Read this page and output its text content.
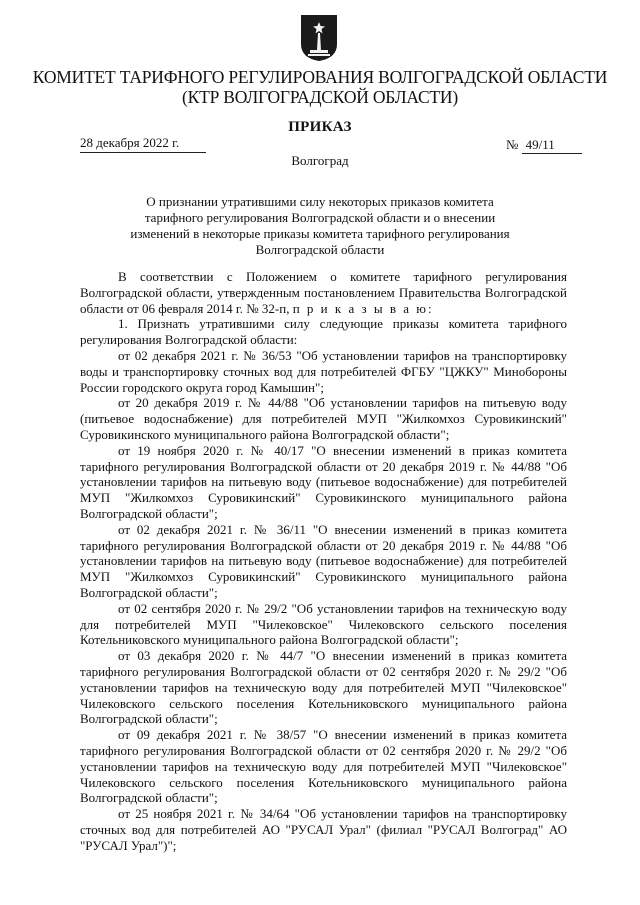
КОМИТЕТ ТАРИФНОГО РЕГУЛИРОВАНИЯ ВОЛГОГРАДСКОЙ ОБЛАСТИ
(КТР ВОЛГОГРАДСКОЙ ОБЛАСТИ)
ПРИКАЗ
28 декабря 2022 г.	№ 49/11
Волгоград
О признании утратившими силу некоторых приказов комитета тарифного регулирования Волгоградской области и о внесении изменений в некоторые приказы комитета тарифного регулирования Волгоградской области

В соответствии с Положением о комитете тарифного регулирования Волгоградской области, утвержденным постановлением Правительства Волгоградской области от 06 февраля 2014 г. № 32-п, п р и к а з ы в а ю:

1. Признать утратившими силу следующие приказы комитета тарифного регулирования Волгоградской области:

от 02 декабря 2021 г. № 36/53 "Об установлении тарифов на транспортировку воды и транспортировку сточных вод для потребителей ФГБУ "ЦЖКУ" Минобороны России городского округа город Камышин";

от 20 декабря 2019 г. № 44/88 "Об установлении тарифов на питьевую воду (питьевое водоснабжение) для потребителей МУП "Жилкомхоз Суровикинский" Суровикинского муниципального района Волгоградской области";

от 19 ноября 2020 г. № 40/17 "О внесении изменений в приказ комитета тарифного регулирования Волгоградской области от 20 декабря 2019 г. № 44/88 "Об установлении тарифов на питьевую воду (питьевое водоснабжение) для потребителей МУП "Жилкомхоз Суровикинский" Суровикинского муниципального района Волгоградской области";

от 02 декабря 2021 г. № 36/11 "О внесении изменений в приказ комитета тарифного регулирования Волгоградской области от 20 декабря 2019 г. № 44/88 "Об установлении тарифов на питьевую воду (питьевое водоснабжение) для потребителей МУП "Жилкомхоз Суровикинский" Суровикинского муниципального района Волгоградской области";

от 02 сентября 2020 г. № 29/2 "Об установлении тарифов на техническую воду для потребителей МУП "Чилековское" Чилековского сельского поселения Котельниковского муниципального района Волгоградской области";

от 03 декабря 2020 г. № 44/7 "О внесении изменений в приказ комитета тарифного регулирования Волгоградской области от 02 сентября 2020 г. № 29/2 "Об установлении тарифов на техническую воду для потребителей МУП "Чилековское" Чилековского сельского поселения Котельниковского муниципального района Волгоградской области";

от 09 декабря 2021 г. № 38/57 "О внесении изменений в приказ комитета тарифного регулирования Волгоградской области от 02 сентября 2020 г. № 29/2 "Об установлении тарифов на техническую воду для потребителей МУП "Чилековское" Чилековского сельского поселения Котельниковского муниципального района Волгоградской области";

от 25 ноября 2021 г. № 34/64 "Об установлении тарифов на транспортировку сточных вод для потребителей АО "РУСАЛ Урал" (филиал "РУСАЛ Волгоград" АО "РУСАЛ Урал")";
